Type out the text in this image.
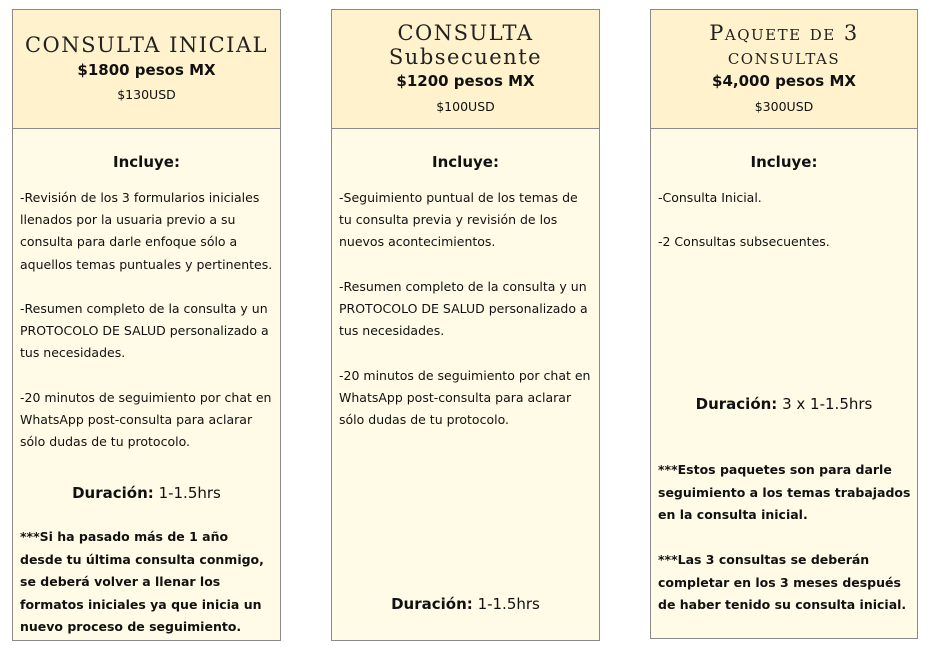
CONSULTA INICIAL
$1800 pesos MX
$130USD
Incluye:

-Revisión de los 3 formularios iniciales llenados por la usuaria previo a su consulta para darle enfoque sólo a aquellos temas puntuales y pertinentes.

-Resumen completo de la consulta y un PROTOCOLO DE SALUD personalizado a tus necesidades.

-20 minutos de seguimiento por chat en WhatsApp post-consulta para aclarar sólo dudas de tu protocolo.

Duración: 1-1.5hrs

***Si ha pasado más de 1 año desde tu última consulta conmigo, se deberá volver a llenar los formatos iniciales ya que inicia un nuevo proceso de seguimiento.

CONSULTA
Subsecuente
$1200 pesos MX
$100USD
Incluye:

-Seguimiento puntual de los temas de tu consulta previa y revisión de los nuevos acontecimientos.

-Resumen completo de la consulta y un PROTOCOLO DE SALUD personalizado a tus necesidades.

-20 minutos de seguimiento por chat en WhatsApp post-consulta para aclarar sólo dudas de tu protocolo.

Duración: 1-1.5hrs
Paquete de 3
consultas
$4,000 pesos MX
$300USD
Incluye:

-Consulta Inicial.

-2 Consultas subsecuentes.

Duración: 3 x 1-1.5hrs

***Estos paquetes son para darle seguimiento a los temas trabajados en la consulta inicial.

***Las 3 consultas se deberán completar en los 3 meses después de haber tenido su consulta inicial.
